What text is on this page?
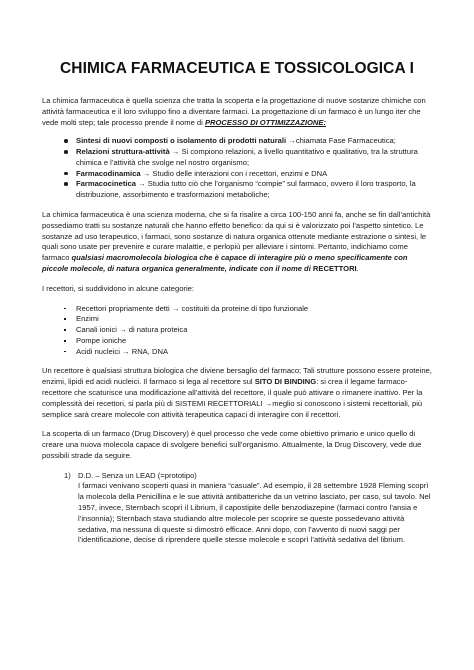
CHIMICA FARMACEUTICA E TOSSICOLOGICA I

La chimica farmaceutica è quella scienza che tratta la scoperta e la progettazione di nuove sostanze chimiche con attività farmaceutica e il loro sviluppo fino a diventare farmaci. La progettazione di un farmaco è un lungo iter che vede molti step; tale processo prende il nome di PROCESSO DI OTTIMIZZAZIONE:

Sintesi di nuovi composti o isolamento di prodotti naturali →chiamata Fase Farmaceutica;
Relazioni struttura-attività → Si compiono relazioni, a livello quantitativo e qualitativo, tra la struttura chimica e l’attività che svolge nel nostro organismo;
Farmacodinamica → Studio delle interazioni con i recettori, enzimi e DNA
Farmacocinetica → Studia tutto ciò che l’organismo “compie” sul farmaco, ovvero il loro trasporto, la distribuzione, assorbimento e trasformazioni metaboliche;

La chimica farmaceutica è una scienza moderna, che si fa risalire a circa 100-150 anni fa, anche se fin dall’antichità possediamo tratti su sostanze naturali che hanno effetto benefico: da qui si è valorizzato poi l’aspetto sintetico. Le sostanze ad uso terapeutico, i farmaci, sono sostanze di natura organica ottenute mediante estrazione o sintesi, le quali sono usate per prevenire e curare malattie, e perlopiù per alleviare i sintomi. Pertanto, indichiamo come farmaco qualsiasi macromolecola biologica che è capace di interagire più o meno specificamente con piccole molecole, di natura organica generalmente, indicate con il nome di RECETTORI.

I recettori, si suddividono in alcune categorie:

Recettori propriamente detti → costituiti da proteine di tipo funzionale
Enzimi
Canali ionici → di natura proteica
Pompe ioniche
Acidi nucleici → RNA, DNA

Un recettore è qualsiasi struttura biologica che diviene bersaglio del farmaco; Tali strutture possono essere proteine, enzimi, lipidi ed acidi nucleici. Il farmaco si lega al recettore sul SITO DI BINDING: si crea il legame farmaco-recettore che scaturisce una modificazione all’attività del recettore, il quale può attivare o rimanere inattivo. Per la complessità dei recettori, si parla più di SISTEMI RECETTORIALI →meglio si conoscono i sistemi recettoriali, più semplice sarà creare molecole con attività terapeutica capaci di interagire con il recettori.

La scoperta di un farmaco (Drug Discovery) è quel processo che vede come obiettivo primario e unico quello di creare una nuova molecola capace di svolgere benefici sull’organismo. Attualmente, la Drug Discovery, vede due possibili strade da seguire.

1) D.D. – Senza un LEAD (=prototipo)
I farmaci venivano scoperti quasi in maniera “casuale”. Ad esempio, il 28 settembre 1928 Fleming scoprì la molecola della Penicillina e le sue attività antibatteriche da un vetrino lasciato, per caso, sul tavolo. Nel 1957, invece, Sternbach scoprì il Librium, il capostipite delle benzodiazepine (farmaci contro l’ansia e l’insonnia); Sternbach stava studiando altre molecole per scoprire se queste possedevano attività sedativa, ma nessuna di queste si dimostrò efficace. Anni dopo, con l’avvento di nuovi saggi per l’identificazione, decise di riprendere quelle stesse molecole e scoprì l’attività sedativa del librium.
